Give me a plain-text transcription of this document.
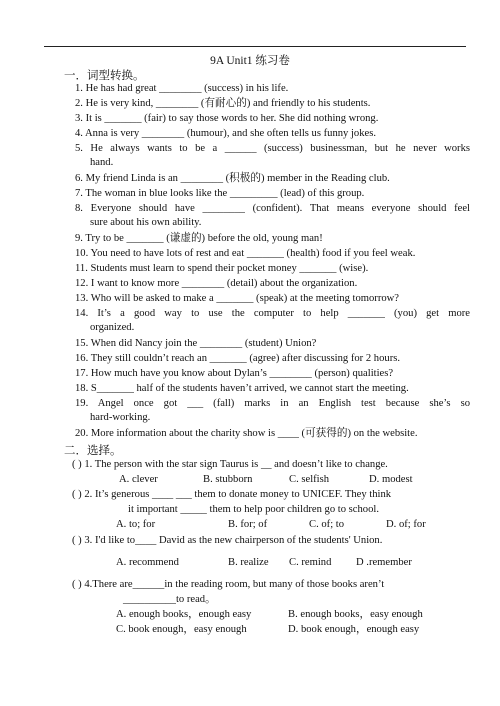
9A Unit1 练习卷
一．词型转换。
1. He has had great ________ (success) in his life.
2. He is very kind, ________ (有耐心的) and friendly to his students.
3. It is _______ (fair) to say those words to her. She did nothing wrong.
4. Anna is very ________ (humour), and she often tells us funny jokes.
5. He always wants to be a ______ (success) businessman, but he never works
hand.
6. My friend Linda is an ________ (积极的) member in the Reading club.
7. The woman in blue looks like the _________ (lead) of this group.
8. Everyone should have ________ (confident). That means everyone should feel
sure about his own ability.
9. Try to be _______ (谦虚的) before the old, young man!
10. You need to have lots of rest and eat _______ (health) food if you feel weak.
11. Students must learn to spend their pocket money _______ (wise).
12. I want to know more ________ (detail) about the organization.
13. Who will be asked to make a _______ (speak) at the meeting tomorrow?
14. It’s a good way to use the computer to help _______ (you) get more
organized.
15. When did Nancy join the ________ (student) Union?
16. They still couldn’t reach an _______ (agree) after discussing for 2 hours.
17. How much have you know about Dylan’s ________ (person) qualities?
18. S_______ half of the students haven’t arrived, we cannot start the meeting.
19. Angel once got ___ (fall) marks in an English test because she’s so
hard-working.
20. More information about the charity show is ____ (可获得的) on the website.
二．选择。
( ) 1. The person with the star sign Taurus is __ and doesn’t like to change.
A. clever	B. stubborn	C. selfish	D. modest
( ) 2. It’s generous ____ ___ them to donate money to UNICEF. They think
it important _____ them to help poor children go to school.
A. to; for	B. for; of	C. of; to	D. of; for
( ) 3. I'd like to____ David as the new chairperson of the students' Union.
A. recommend	B. realize C. remind D .remember
( ) 4.There are______in the reading room, but many of those books aren’t
__________to read。
A. enough books，enough easy	B. enough books，easy enough
C. book enough，easy enough	D. book enough，enough easy
